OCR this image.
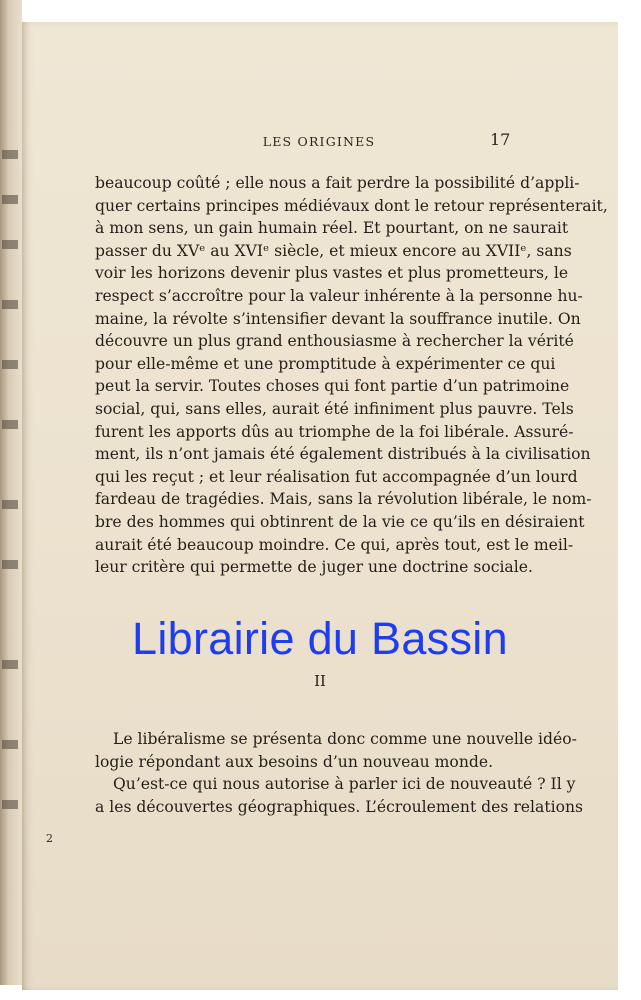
LES ORIGINES	17
beaucoup coûté ; elle nous a fait perdre la possibilité d’appli-
quer certains principes médiévaux dont le retour représenterait,
à mon sens, un gain humain réel. Et pourtant, on ne saurait
passer du XVᵉ au XVIᵉ siècle, et mieux encore au XVIIᵉ, sans
voir les horizons devenir plus vastes et plus prometteurs, le
respect s’accroître pour la valeur inhérente à la personne hu-
maine, la révolte s’intensifier devant la souffrance inutile. On
découvre un plus grand enthousiasme à rechercher la vérité
pour elle-même et une promptitude à expérimenter ce qui
peut la servir. Toutes choses qui font partie d’un patrimoine
social, qui, sans elles, aurait été infiniment plus pauvre. Tels
furent les apports dûs au triomphe de la foi libérale. Assuré-
ment, ils n’ont jamais été également distribués à la civilisation
qui les reçut ; et leur réalisation fut accompagnée d’un lourd
fardeau de tragédies. Mais, sans la révolution libérale, le nom-
bre des hommes qui obtinrent de la vie ce qu’ils en désiraient
aurait été beaucoup moindre. Ce qui, après tout, est le meil-
leur critère qui permette de juger une doctrine sociale.
II
Le libéralisme se présenta donc comme une nouvelle idéo-
logie répondant aux besoins d’un nouveau monde.
Qu’est-ce qui nous autorise à parler ici de nouveauté ? Il y
a les découvertes géographiques. L’écroulement des relations
2
Librairie du Bassin
